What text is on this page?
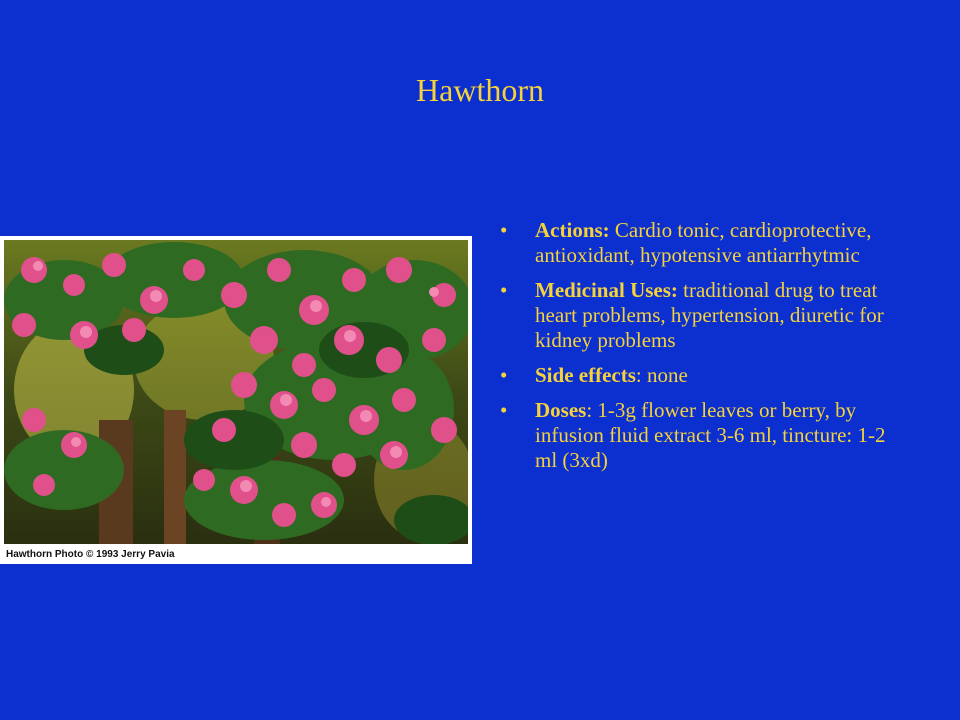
Hawthorn
Hawthorn Photo © 1993 Jerry Pavia
• Actions: Cardio tonic, cardioprotective, antioxidant, hypotensive antiarrhytmic
• Medicinal Uses: traditional drug to treat heart problems, hypertension, diuretic for kidney problems
• Side effects: none
• Doses: 1-3g flower leaves or berry, by infusion fluid extract 3-6 ml, tincture: 1-2 ml (3xd)
